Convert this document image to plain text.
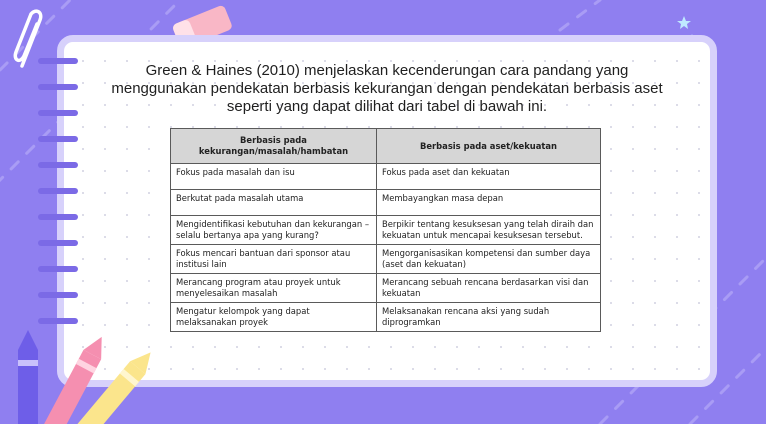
Green & Haines (2010) menjelaskan kecenderungan cara pandang yang menggunakan pendekatan berbasis kekurangan dengan pendekatan berbasis aset seperti yang dapat dilihat dari tabel di bawah ini.

Berbasis pada kekurangan/masalah/hambatan	Berbasis pada aset/kekuatan
Fokus pada masalah dan isu	Fokus pada aset dan kekuatan
Berkutat pada masalah utama	Membayangkan masa depan
Mengidentifikasi kebutuhan dan kekurangan – selalu bertanya apa yang kurang?	Berpikir tentang kesuksesan yang telah diraih dan kekuatan untuk mencapai kesuksesan tersebut.
Fokus mencari bantuan dari sponsor atau institusi lain	Mengorganisasikan kompetensi dan sumber daya (aset dan kekuatan)
Merancang program atau proyek untuk menyelesaikan masalah	Merancang sebuah rencana berdasarkan visi dan kekuatan
Mengatur kelompok yang dapat melaksanakan proyek	Melaksanakan rencana aksi yang sudah diprogramkan
